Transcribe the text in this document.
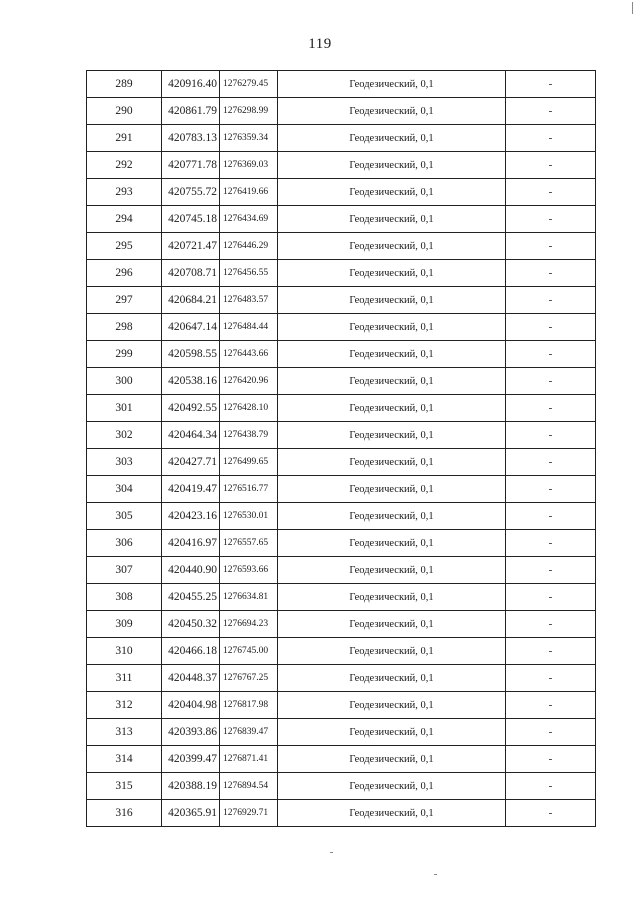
119
289	420916.40	1276279.45	Геодезический, 0,1	-
290	420861.79	1276298.99	Геодезический, 0,1	-
291	420783.13	1276359.34	Геодезический, 0,1	-
292	420771.78	1276369.03	Геодезический, 0,1	-
293	420755.72	1276419.66	Геодезический, 0,1	-
294	420745.18	1276434.69	Геодезический, 0,1	-
295	420721.47	1276446.29	Геодезический, 0,1	-
296	420708.71	1276456.55	Геодезический, 0,1	-
297	420684.21	1276483.57	Геодезический, 0,1	-
298	420647.14	1276484.44	Геодезический, 0,1	-
299	420598.55	1276443.66	Геодезический, 0,1	-
300	420538.16	1276420.96	Геодезический, 0,1	-
301	420492.55	1276428.10	Геодезический, 0,1	-
302	420464.34	1276438.79	Геодезический, 0,1	-
303	420427.71	1276499.65	Геодезический, 0,1	-
304	420419.47	1276516.77	Геодезический, 0,1	-
305	420423.16	1276530.01	Геодезический, 0,1	-
306	420416.97	1276557.65	Геодезический, 0,1	-
307	420440.90	1276593.66	Геодезический, 0,1	-
308	420455.25	1276634.81	Геодезический, 0,1	-
309	420450.32	1276694.23	Геодезический, 0,1	-
310	420466.18	1276745.00	Геодезический, 0,1	-
311	420448.37	1276767.25	Геодезический, 0,1	-
312	420404.98	1276817.98	Геодезический, 0,1	-
313	420393.86	1276839.47	Геодезический, 0,1	-
314	420399.47	1276871.41	Геодезический, 0,1	-
315	420388.19	1276894.54	Геодезический, 0,1	-
316	420365.91	1276929.71	Геодезический, 0,1	-
